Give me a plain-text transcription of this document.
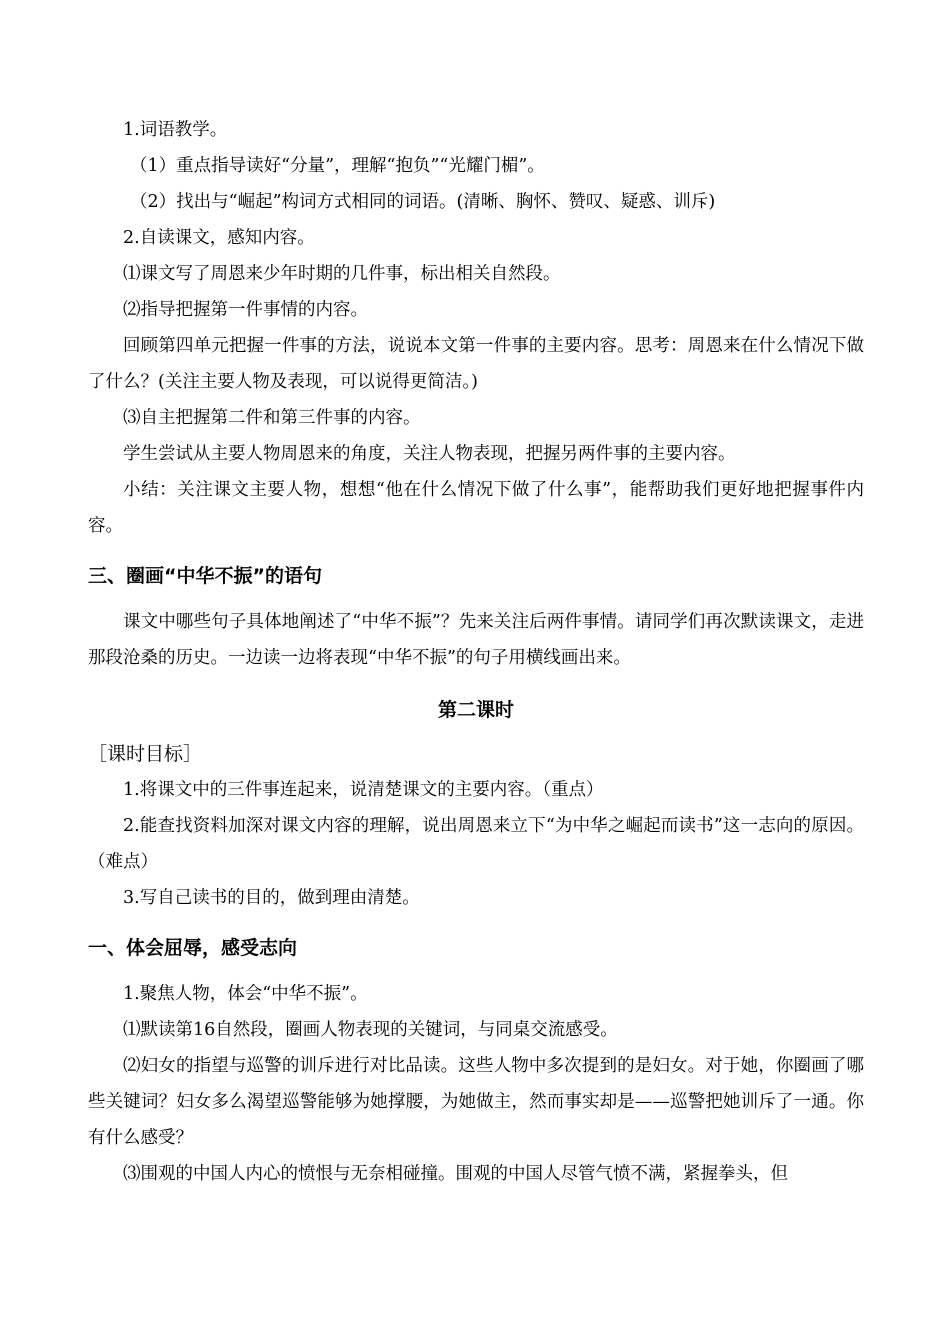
1.词语教学。

（1）重点指导读好“分量”，理解“抱负”“光耀门楣”。

（2）找出与“崛起”构词方式相同的词语。(清晰、胸怀、赞叹、疑惑、训斥)

2.自读课文，感知内容。

⑴课文写了周恩来少年时期的几件事，标出相关自然段。

⑵指导把握第一件事情的内容。

回顾第四单元把握一件事的方法，说说本文第一件事的主要内容。思考：周恩来在什么情况下做了什么？(关注主要人物及表现，可以说得更简洁。)

⑶自主把握第二件和第三件事的内容。

学生尝试从主要人物周恩来的角度，关注人物表现，把握另两件事的主要内容。

小结：关注课文主要人物，想想“他在什么情况下做了什么事”，能帮助我们更好地把握事件内容。

三、圈画“中华不振”的语句

课文中哪些句子具体地阐述了“中华不振”？先来关注后两件事情。请同学们再次默读课文，走进那段沧桑的历史。一边读一边将表现“中华不振”的句子用横线画出来。

第二课时
［课时目标］

1.将课文中的三件事连起来，说清楚课文的主要内容。（重点）

2.能查找资料加深对课文内容的理解，说出周恩来立下“为中华之崛起而读书”这一志向的原因。（难点）

3.写自己读书的目的，做到理由清楚。

一、体会屈辱，感受志向

1.聚焦人物，体会“中华不振”。

⑴默读第16自然段，圈画人物表现的关键词，与同桌交流感受。

⑵妇女的指望与巡警的训斥进行对比品读。这些人物中多次提到的是妇女。对于她，你圈画了哪些关键词？妇女多么渴望巡警能够为她撑腰，为她做主，然而事实却是——巡警把她训斥了一通。你有什么感受？

⑶围观的中国人内心的愤恨与无奈相碰撞。围观的中国人尽管气愤不满，紧握拳头，但
